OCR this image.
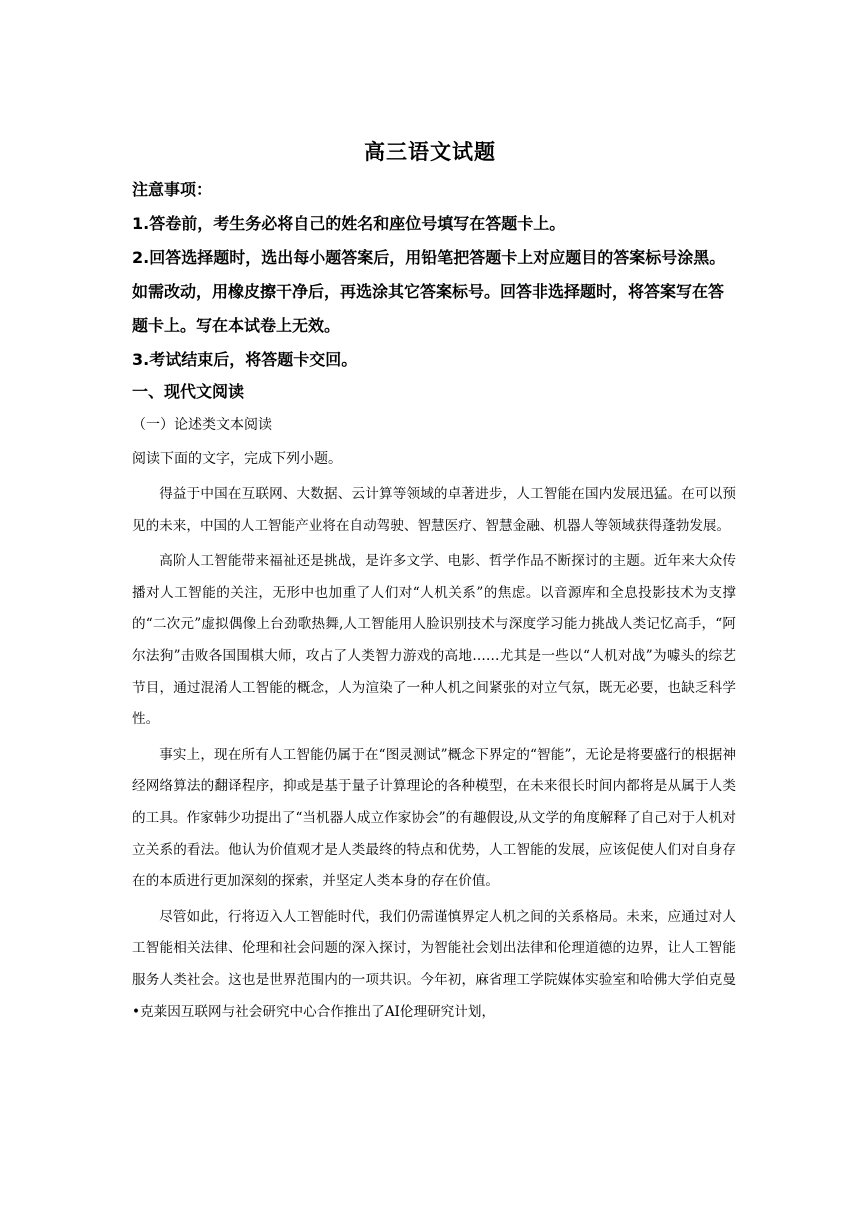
高三语文试题

注意事项：

1.答卷前，考生务必将自己的姓名和座位号填写在答题卡上。

2.回答选择题时，选出每小题答案后，用铅笔把答题卡上对应题目的答案标号涂黑。如需改动，用橡皮擦干净后，再选涂其它答案标号。回答非选择题时，将答案写在答题卡上。写在本试卷上无效。

3.考试结束后，将答题卡交回。

一、现代文阅读
（一）论述类文本阅读
阅读下面的文字，完成下列小题。

得益于中国在互联网、大数据、云计算等领域的卓著进步，人工智能在国内发展迅猛。在可以预见的未来，中国的人工智能产业将在自动驾驶、智慧医疗、智慧金融、机器人等领域获得蓬勃发展。

高阶人工智能带来福祉还是挑战，是许多文学、电影、哲学作品不断探讨的主题。近年来大众传播对人工智能的关注，无形中也加重了人们对“人机关系”的焦虑。以音源库和全息投影技术为支撑的“二次元”虚拟偶像上台劲歌热舞,人工智能用人脸识别技术与深度学习能力挑战人类记忆高手，“阿尔法狗”击败各国围棋大师，攻占了人类智力游戏的高地……尤其是一些以“人机对战”为噱头的综艺节目，通过混淆人工智能的概念，人为渲染了一种人机之间紧张的对立气氛，既无必要，也缺乏科学性。

事实上，现在所有人工智能仍属于在“图灵测试”概念下界定的“智能”，无论是将要盛行的根据神经网络算法的翻译程序，抑或是基于量子计算理论的各种模型，在未来很长时间内都将是从属于人类的工具。作家韩少功提出了“当机器人成立作家协会”的有趣假设,从文学的角度解释了自己对于人机对立关系的看法。他认为价值观才是人类最终的特点和优势，人工智能的发展，应该促使人们对自身存在的本质进行更加深刻的探索，并坚定人类本身的存在价值。

尽管如此，行将迈入人工智能时代，我们仍需谨慎界定人机之间的关系格局。未来，应通过对人工智能相关法律、伦理和社会问题的深入探讨，为智能社会划出法律和伦理道德的边界，让人工智能服务人类社会。这也是世界范围内的一项共识。今年初，麻省理工学院媒体实验室和哈佛大学伯克曼•克莱因互联网与社会研究中心合作推出了AI伦理研究计划，
